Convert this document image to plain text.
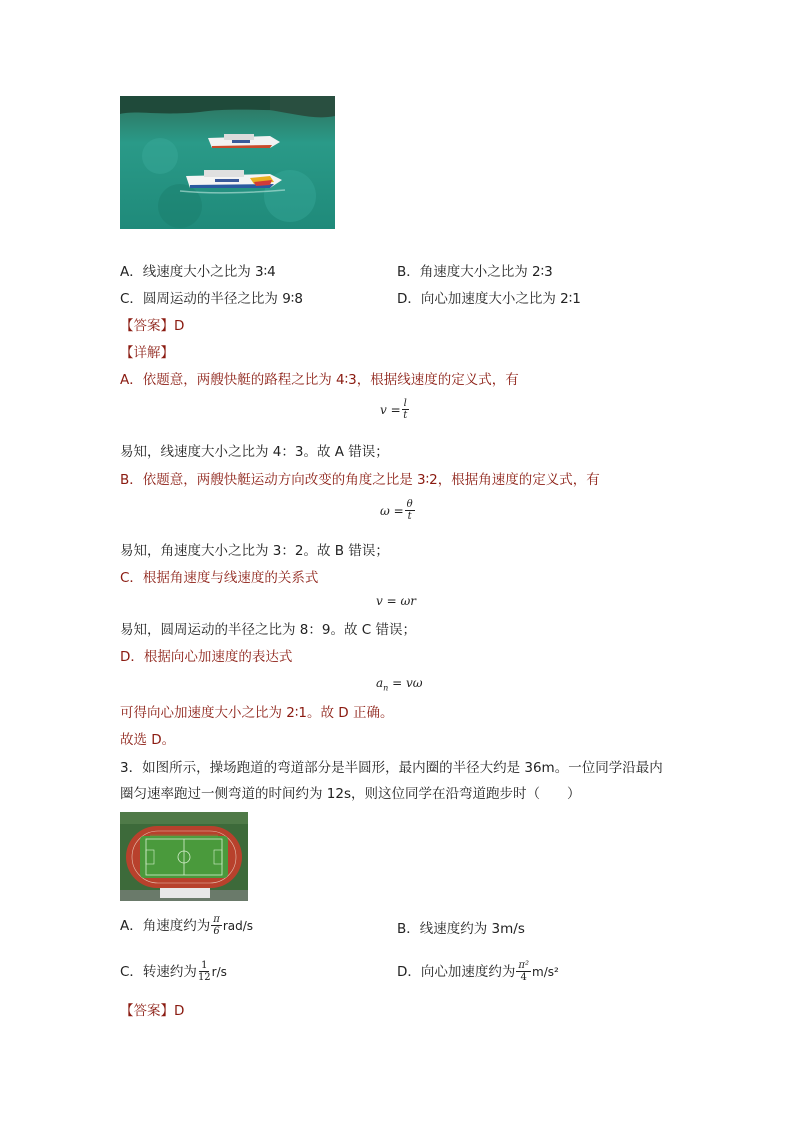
A．线速度大小之比为 3∶4	B．角速度大小之比为 2∶3
C．圆周运动的半径之比为 9∶8	D．向心加速度大小之比为 2∶1
【答案】D
【详解】
A．依题意，两艘快艇的路程之比为 4∶3，根据线速度的定义式，有
$v = \frac{l}{t}$
易知，线速度大小之比为 4：3。故 A 错误；
B．依题意，两艘快艇运动方向改变的角度之比是 3∶2，根据角速度的定义式，有
$\omega = \frac{\theta}{t}$
易知，角速度大小之比为 3：2。故 B 错误；
C．根据角速度与线速度的关系式
v = ωr
易知，圆周运动的半径之比为 8：9。故 C 错误；
D．根据向心加速度的表达式
$a_n = v\omega$
可得向心加速度大小之比为 2∶1。故 D 正确。
故选 D。
3．如图所示，操场跑道的弯道部分是半圆形，最内圈的半径大约是 36m。一位同学沿最内
圈匀速率跑过一侧弯道的时间约为 12s，则这位同学在沿弯道跑步时（　　）
A．角速度约为 $\frac{\pi}{6} rad/s$	B．线速度约为 3m/s
C．转速约为 $\frac{1}{12} r/s$	D．向心加速度约为 $\frac{\text{π²}}{4} m/s^2$
【答案】D
